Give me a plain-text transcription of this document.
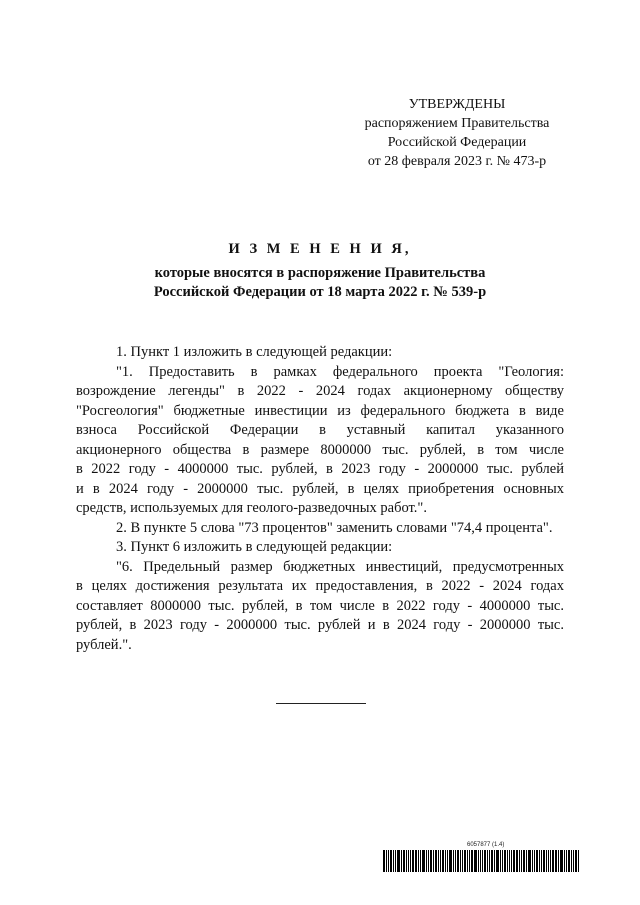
УТВЕРЖДЕНЫ
распоряжением Правительства
Российской Федерации
от 28 февраля 2023 г. № 473-р
И З М Е Н Е Н И Я,
которые вносятся в распоряжение Правительства
Российской Федерации от 18 марта 2022 г. № 539-р
1. Пункт 1 изложить в следующей редакции:
"1. Предоставить в рамках федерального проекта "Геология:
возрождение легенды" в 2022 - 2024 годах акционерному обществу
"Росгеология" бюджетные инвестиции из федерального бюджета в виде
взноса Российской Федерации в уставный капитал указанного
акционерного общества в размере 8000000 тыс. рублей, в том числе
в 2022 году - 4000000 тыс. рублей, в 2023 году - 2000000 тыс. рублей
и в 2024 году - 2000000 тыс. рублей, в целях приобретения основных
средств, используемых для геолого-разведочных работ.".
2. В пункте 5 слова "73 процентов" заменить словами "74,4 процента".
3. Пункт 6 изложить в следующей редакции:
"6. Предельный размер бюджетных инвестиций, предусмотренных
в целях достижения результата их предоставления, в 2022 - 2024 годах
составляет 8000000 тыс. рублей, в том числе в 2022 году - 4000000 тыс.
рублей, в 2023 году - 2000000 тыс. рублей и в 2024 году - 2000000 тыс.
рублей.".
6057877 (1.4)
